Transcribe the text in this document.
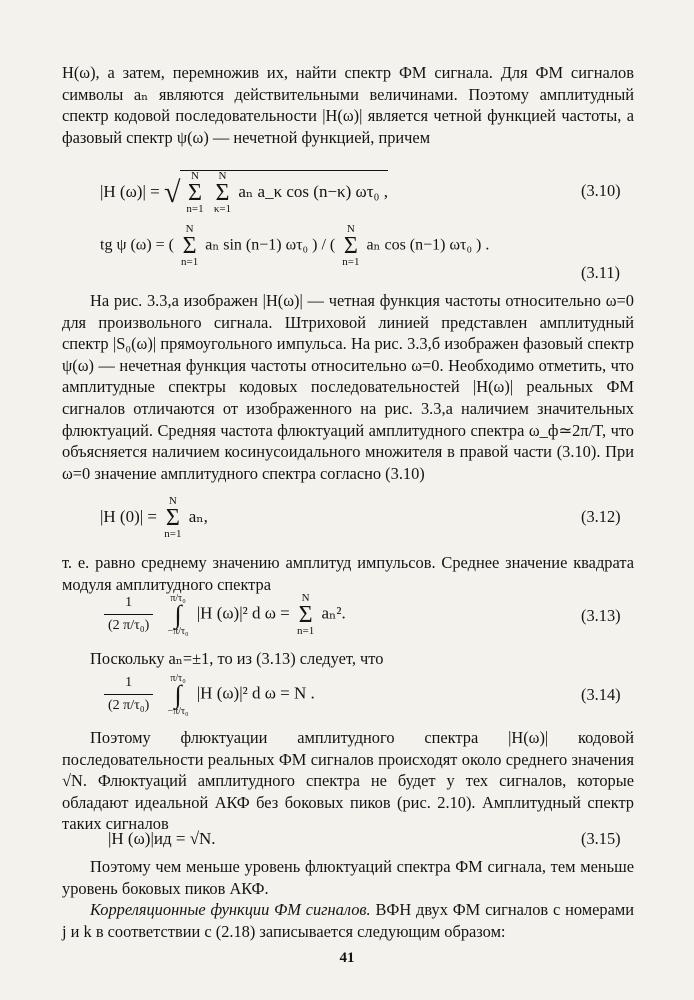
H(ω), а затем, перемножив их, найти спектр ФМ сигнала. Для ФМ сигналов символы aₙ являются действительными величинами. Поэтому амплитудный спектр кодовой последовательности |H(ω)| является четной функцией частоты, а фазовый спектр ψ(ω) — нечетной функцией, причем
|H (ω)| = √ N
Σ
n=1 N
Σ
κ=1 aₙ a_κ cos (n−κ) ωτ₀ ,	(3.10)
tg ψ (ω) = ( N
Σ
n=1 aₙ sin (n−1) ωτ₀ ) / ( N
Σ
n=1 aₙ cos (n−1) ωτ₀ ) .
(3.11)
На рис. 3.3,а изображен |H(ω)| — четная функция частоты относительно ω=0 для произвольного сигнала. Штриховой линией представлен амплитудный спектр |S₀(ω)| прямоугольного импульса. На рис. 3.3,б изображен фазовый спектр ψ(ω) — нечетная функция частоты относительно ω=0. Необходимо отметить, что амплитудные спектры кодовых последовательностей |H(ω)| реальных ФМ сигналов отличаются от изображенного на рис. 3.3,а наличием значительных флюктуаций. Средняя частота флюктуаций амплитудного спектра ω_ф≃2π/T, что объясняется наличием косинусоидального множителя в правой части (3.10). При ω=0 значение амплитудного спектра согласно (3.10)
|H (0)| = N
Σ
n=1 aₙ,	(3.12)
т. е. равно среднему значению амплитуд импульсов. Среднее значение квадрата модуля амплитудного спектра
$\frac{1}{\text{(2 π/τ₀)}} \pi/\tau_0$
∫
−π/τ₀ |H (ω)|² d ω = N
Σ
n=1 aₙ².	(3.13)
Поскольку aₙ=±1, то из (3.13) следует, что
$\frac{1}{\text{(2 π/τ₀)}} \pi/\tau_0$
∫
−π/τ₀ |H (ω)|² d ω = N .	(3.14)
Поэтому флюктуации амплитудного спектра |H(ω)| кодовой последовательности реальных ФМ сигналов происходят около среднего значения √N. Флюктуаций амплитудного спектра не будет у тех сигналов, которые обладают идеальной АКФ без боковых пиков (рис. 2.10). Амплитудный спектр таких сигналов
|H (ω)|ид = √N.	(3.15)
Поэтому чем меньше уровень флюктуаций спектра ФМ сигнала, тем меньше уровень боковых пиков АКФ.
Корреляционные функции ФМ сигналов. ВФН двух ФМ сигналов с номерами j и k в соответствии с (2.18) записывается следующим образом:
41
